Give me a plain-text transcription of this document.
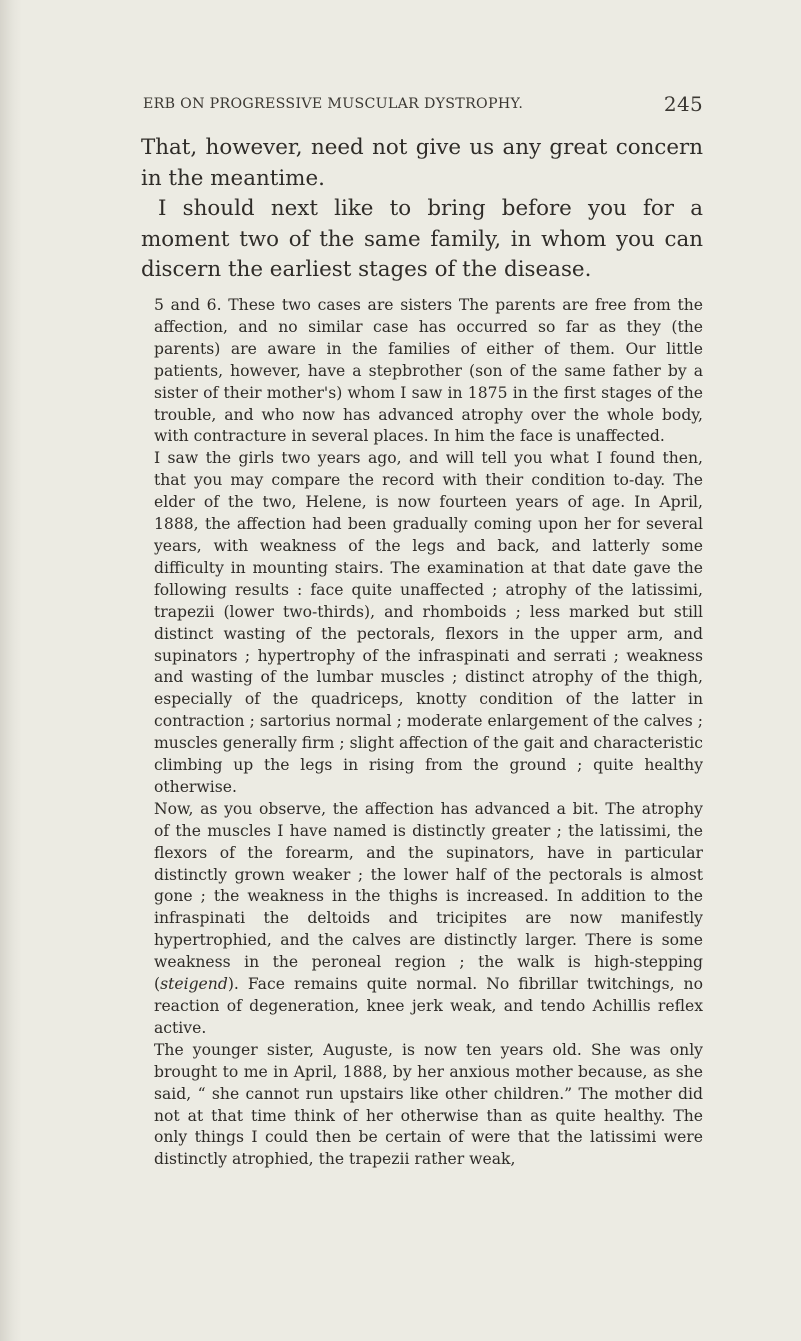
ERB ON PROGRESSIVE MUSCULAR DYSTROPHY.	245

That, however, need not give us any great concern in the meantime.

I should next like to bring before you for a moment two of the same family, in whom you can discern the earliest stages of the disease.

5 and 6. These two cases are sisters The parents are free from the affection, and no similar case has occurred so far as they (the parents) are aware in the families of either of them. Our little patients, however, have a stepbrother (son of the same father by a sister of their mother's) whom I saw in 1875 in the first stages of the trouble, and who now has advanced atrophy over the whole body, with contracture in several places. In him the face is unaffected.

I saw the girls two years ago, and will tell you what I found then, that you may compare the record with their condition to-day. The elder of the two, Helene, is now fourteen years of age. In April, 1888, the affection had been gradually coming upon her for several years, with weakness of the legs and back, and latterly some difficulty in mounting stairs. The examination at that date gave the following results : face quite unaffected ; atrophy of the latissimi, trapezii (lower two-thirds), and rhomboids ; less marked but still distinct wasting of the pectorals, flexors in the upper arm, and supinators ; hypertrophy of the infraspinati and serrati ; weakness and wasting of the lumbar muscles ; distinct atrophy of the thigh, especially of the quadriceps, knotty condition of the latter in contraction ; sartorius normal ; moderate enlargement of the calves ; muscles generally firm ; slight affection of the gait and characteristic climbing up the legs in rising from the ground ; quite healthy otherwise.

Now, as you observe, the affection has advanced a bit. The atrophy of the muscles I have named is distinctly greater ; the latissimi, the flexors of the forearm, and the supinators, have in particular distinctly grown weaker ; the lower half of the pectorals is almost gone ; the weakness in the thighs is increased. In addition to the infraspinati the deltoids and tricipites are now manifestly hypertrophied, and the calves are distinctly larger. There is some weakness in the peroneal region ; the walk is high-stepping (steigend). Face remains quite normal. No fibrillar twitchings, no reaction of degeneration, knee jerk weak, and tendo Achillis reflex active.

The younger sister, Auguste, is now ten years old. She was only brought to me in April, 1888, by her anxious mother because, as she said, “ she cannot run upstairs like other children.” The mother did not at that time think of her otherwise than as quite healthy. The only things I could then be certain of were that the latissimi were distinctly atrophied, the trapezii rather weak,
